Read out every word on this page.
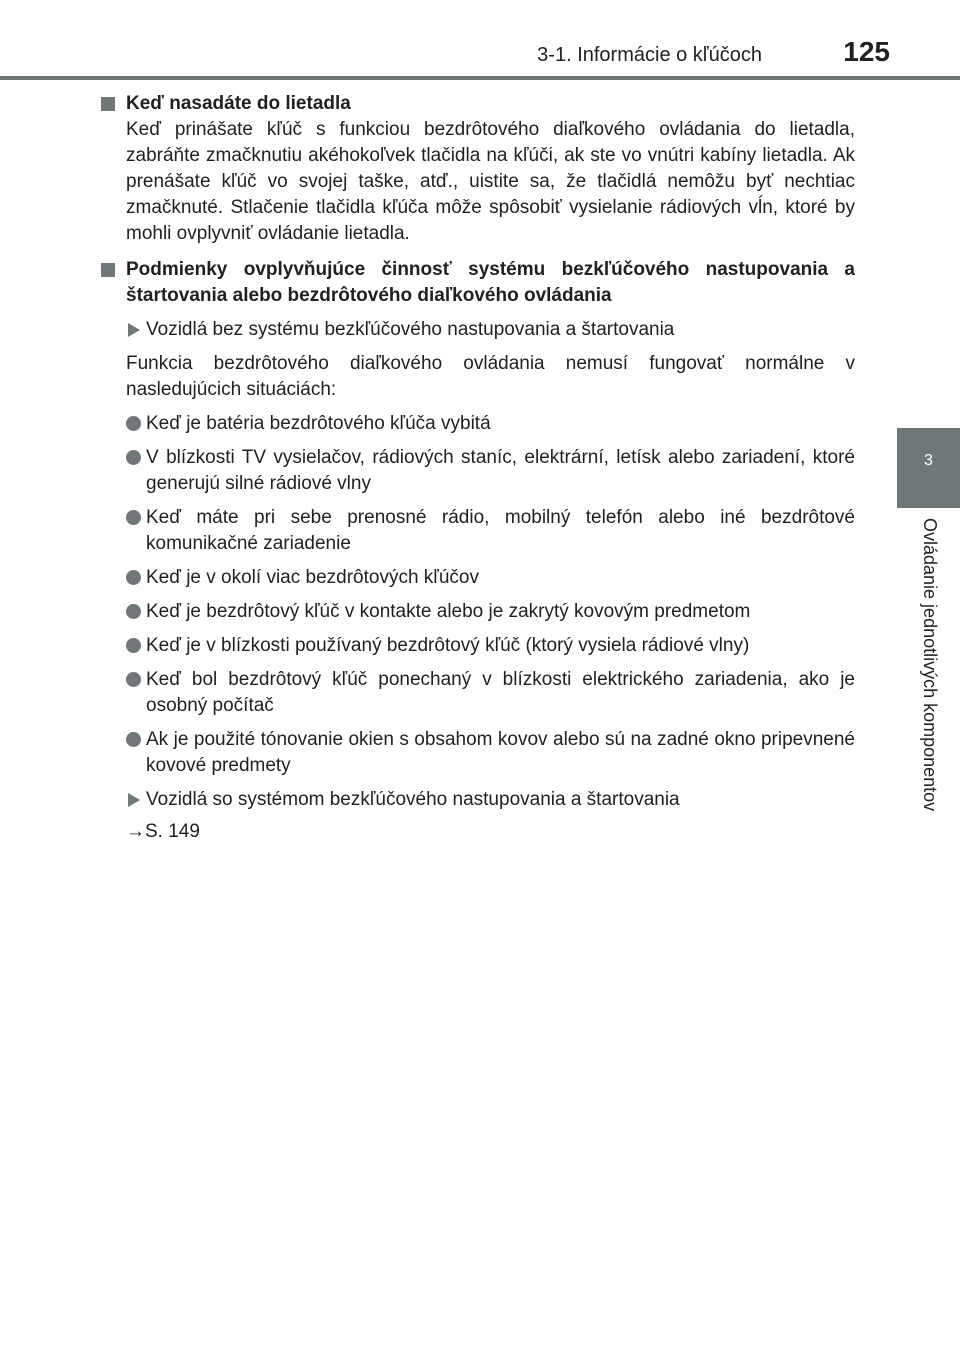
3-1. Informácie o kľúčoch	125
3
Ovládanie jednotlivých komponentov
Keď nasadáte do lietadla
Keď prinášate kľúč s funkciou bezdrôtového diaľkového ovládania do lietadla, zabráňte zmačknutiu akéhokoľvek tlačidla na kľúči, ak ste vo vnútri kabíny lietadla. Ak prenášate kľúč vo svojej taške, atď., uistite sa, že tlačidlá nemôžu byť nechtiac zmačknuté. Stlačenie tlačidla kľúča môže spôsobiť vysielanie rádiových vĺn, ktoré by mohli ovplyvniť ovládanie lietadla.
Podmienky ovplyvňujúce činnosť systému bezkľúčového nastupovania a štartovania alebo bezdrôtového diaľkového ovládania
Vozidlá bez systému bezkľúčového nastupovania a štartovania
Funkcia bezdrôtového diaľkového ovládania nemusí fungovať normálne v nasledujúcich situáciách:
Keď je batéria bezdrôtového kľúča vybitá
V blízkosti TV vysielačov, rádiových staníc, elektrární, letísk alebo zariadení, ktoré generujú silné rádiové vlny
Keď máte pri sebe prenosné rádio, mobilný telefón alebo iné bezdrôtové komunikačné zariadenie
Keď je v okolí viac bezdrôtových kľúčov
Keď je bezdrôtový kľúč v kontakte alebo je zakrytý kovovým predmetom
Keď je v blízkosti používaný bezdrôtový kľúč (ktorý vysiela rádiové vlny)
Keď bol bezdrôtový kľúč ponechaný v blízkosti elektrického zariadenia, ako je osobný počítač
Ak je použité tónovanie okien s obsahom kovov alebo sú na zadné okno pripevnené kovové predmety
Vozidlá so systémom bezkľúčového nastupovania a štartovania
→S. 149
